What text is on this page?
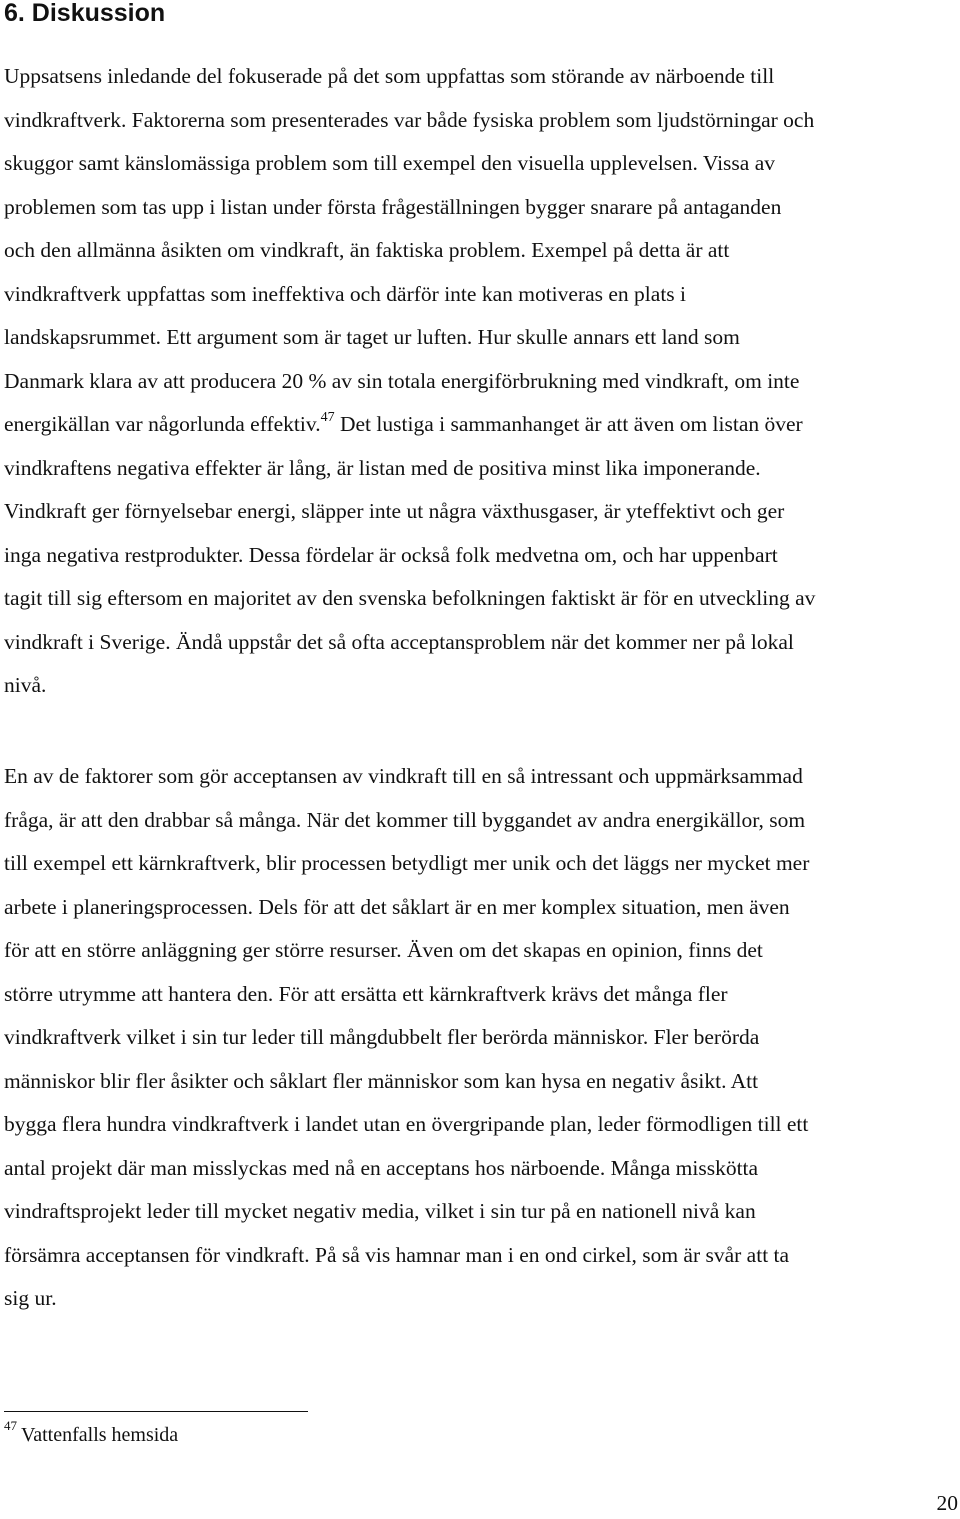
6. Diskussion
Uppsatsens inledande del fokuserade på det som uppfattas som störande av närboende till
vindkraftverk. Faktorerna som presenterades var både fysiska problem som ljudstörningar och
skuggor samt känslomässiga problem som till exempel den visuella upplevelsen. Vissa av
problemen som tas upp i listan under första frågeställningen bygger snarare på antaganden
och den allmänna åsikten om vindkraft, än faktiska problem. Exempel på detta är att
vindkraftverk uppfattas som ineffektiva och därför inte kan motiveras en plats i
landskapsrummet. Ett argument som är taget ur luften. Hur skulle annars ett land som
Danmark klara av att producera 20 % av sin totala energiförbrukning med vindkraft, om inte
energikällan var någorlunda effektiv.$^{47}$ Det lustiga i sammanhanget är att även om listan över
vindkraftens negativa effekter är lång, är listan med de positiva minst lika imponerande.
Vindkraft ger förnyelsebar energi, släpper inte ut några växthusgaser, är yteffektivt och ger
inga negativa restprodukter. Dessa fördelar är också folk medvetna om, och har uppenbart
tagit till sig eftersom en majoritet av den svenska befolkningen faktiskt är för en utveckling av
vindkraft i Sverige. Ändå uppstår det så ofta acceptansproblem när det kommer ner på lokal
nivå.
En av de faktorer som gör acceptansen av vindkraft till en så intressant och uppmärksammad
fråga, är att den drabbar så många. När det kommer till byggandet av andra energikällor, som
till exempel ett kärnkraftverk, blir processen betydligt mer unik och det läggs ner mycket mer
arbete i planeringsprocessen. Dels för att det såklart är en mer komplex situation, men även
för att en större anläggning ger större resurser. Även om det skapas en opinion, finns det
större utrymme att hantera den. För att ersätta ett kärnkraftverk krävs det många fler
vindkraftverk vilket i sin tur leder till mångdubbelt fler berörda människor. Fler berörda
människor blir fler åsikter och såklart fler människor som kan hysa en negativ åsikt. Att
bygga flera hundra vindkraftverk i landet utan en övergripande plan, leder förmodligen till ett
antal projekt där man misslyckas med nå en acceptans hos närboende. Många misskötta
vindraftsprojekt leder till mycket negativ media, vilket i sin tur på en nationell nivå kan
försämra acceptansen för vindkraft. På så vis hamnar man i en ond cirkel, som är svår att ta
sig ur.

$^{47}$ Vattenfalls hemsida

20
